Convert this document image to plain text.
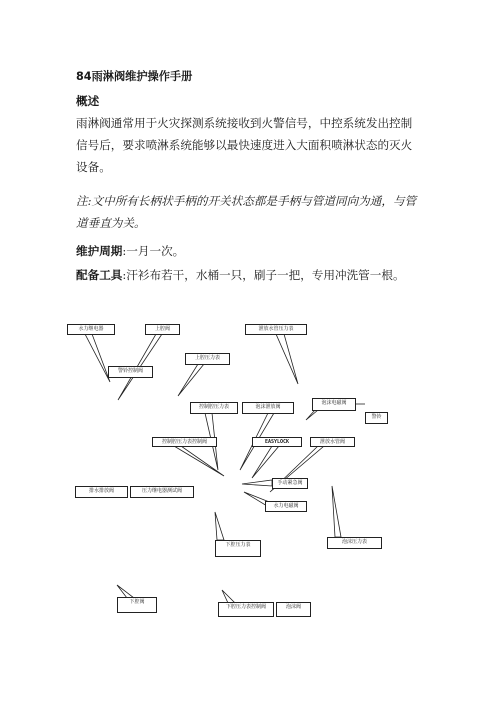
84雨淋阀维护操作手册

概述

雨淋阀通常用于火灾探测系统接收到火警信号，中控系统发出控制信号后，要求喷淋系统能够以最快速度进入大面积喷淋状态的灭火设备。

注:文中所有长柄状手柄的开关状态都是手柄与管道同向为通，与管道垂直为关。

维护周期:一月一次。

配备工具:汗衫布若干，水桶一只，刷子一把，专用冲洗管一根。

水力继电器	上腔阀	泄放水管压力表
上腔压力表
警铃控制阀
泡沫电磁阀
警铃
控制腔压力表	泡沫泄放阀
控制腔压力表控制阀	EASYLOCK	泄放水管阀
手动紧急阀
排水排放阀	压力继电器测试阀
水力电磁阀
泡沫压力表
下腔压力表
下腔阀
下腔压力表控制阀	泡沫阀
